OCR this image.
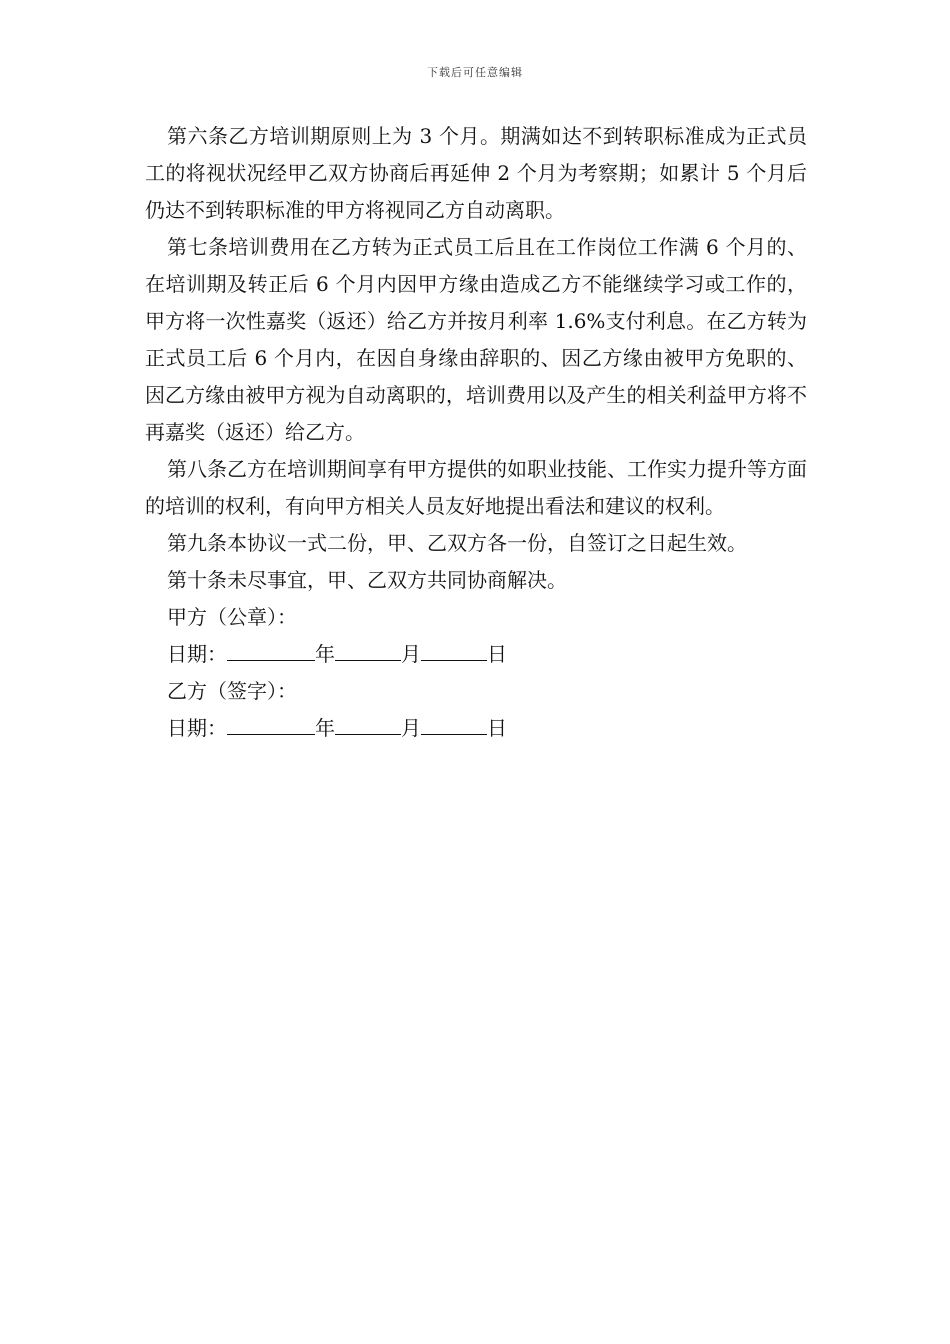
下载后可任意编辑

第六条乙方培训期原则上为 3 个月。期满如达不到转职标准成为正式员工的将视状况经甲乙双方协商后再延伸 2 个月为考察期；如累计 5 个月后仍达不到转职标准的甲方将视同乙方自动离职。

第七条培训费用在乙方转为正式员工后且在工作岗位工作满 6 个月的、在培训期及转正后 6 个月内因甲方缘由造成乙方不能继续学习或工作的，甲方将一次性嘉奖（返还）给乙方并按月利率 1.6%支付利息。在乙方转为正式员工后 6 个月内，在因自身缘由辞职的、因乙方缘由被甲方免职的、因乙方缘由被甲方视为自动离职的，培训费用以及产生的相关利益甲方将不再嘉奖（返还）给乙方。

第八条乙方在培训期间享有甲方提供的如职业技能、工作实力提升等方面的培训的权利，有向甲方相关人员友好地提出看法和建议的权利。

第九条本协议一式二份，甲、乙双方各一份，自签订之日起生效。

第十条未尽事宜，甲、乙双方共同协商解决。

甲方（公章）：

日期：	年	月	日

乙方（签字）：

日期：	年	月	日
